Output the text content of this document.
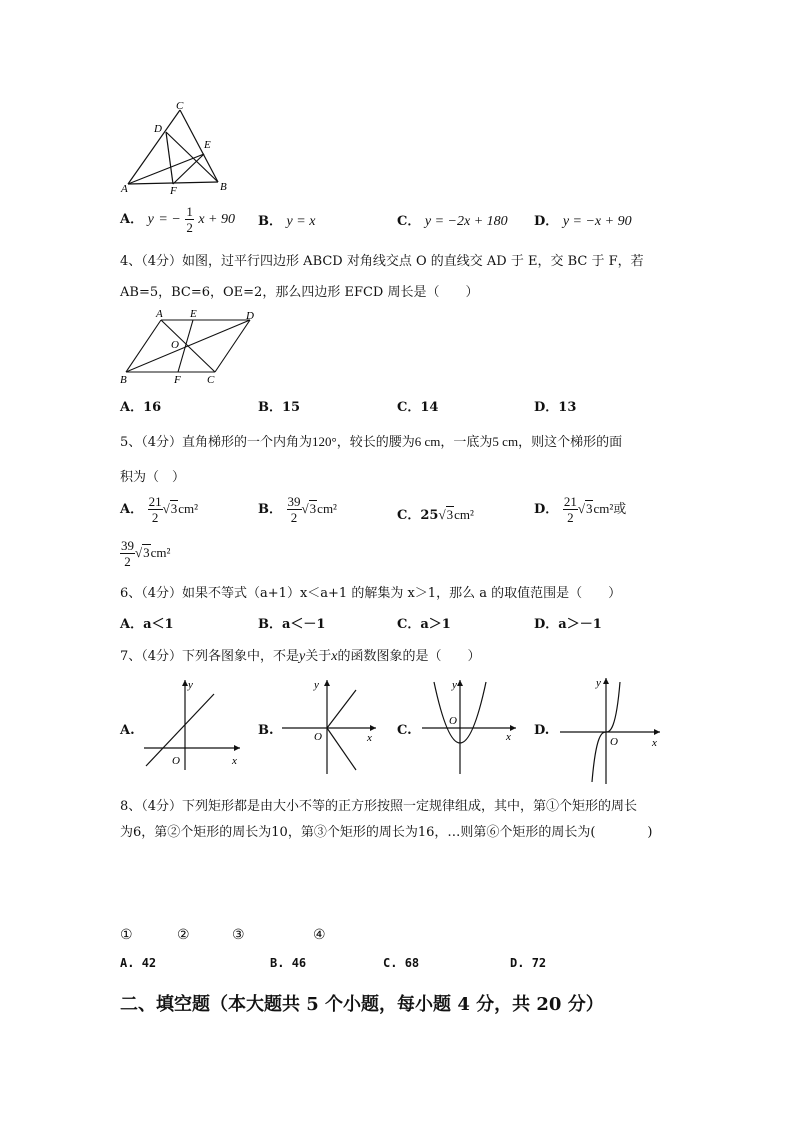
C
D
E
A	F	B
A． y = − $\frac{1}{2}$ x + 90 B． y = x	C． y = −2x + 180 D． y = −x + 90
4、（4分）如图，过平行四边形 ABCD 对角线交点 O 的直线交 AD 于 E，交 BC 于 F，若
AB=5，BC=6，OE=2，那么四边形 EFCD 周长是（　　）
A E	D
O
B	F C
A．16	B．15	C．14	D．13
5、（4分）直角梯形的一个内角为120°，较长的腰为6 cm，一底为5 cm，则这个梯形的面
积为（　）
A． $\frac{21}{2} √3cm^2$	B． $\frac{39}{2} √3cm^2$	C．25√3cm²	D． $\frac{21}{2} √3cm^2$或
$\frac{39}{2} √3cm^2$
6、（4分）如果不等式（a+1）x＜a+1 的解集为 x＞1，那么 a 的取值范围是（　　）
A．a＜1	B．a＜－1	C．a＞1	D．a＞－1
7、（4分）下列各图象中，不是y关于x的函数图象的是（　　）
A.
y
x
O
B.
y
x
O	C.
y
x
O
D.
y
x
O
8、（4分）下列矩形都是由大小不等的正方形按照一定规律组成，其中，第①个矩形的周长
为6，第②个矩形的周长为10，第③个矩形的周长为16，…则第⑥个矩形的周长为(　　　　)
①	②	③	④
A. 42	B. 46	C. 68	D. 72
二、填空题（本大题共 5 个小题，每小题 4 分，共 20 分）
